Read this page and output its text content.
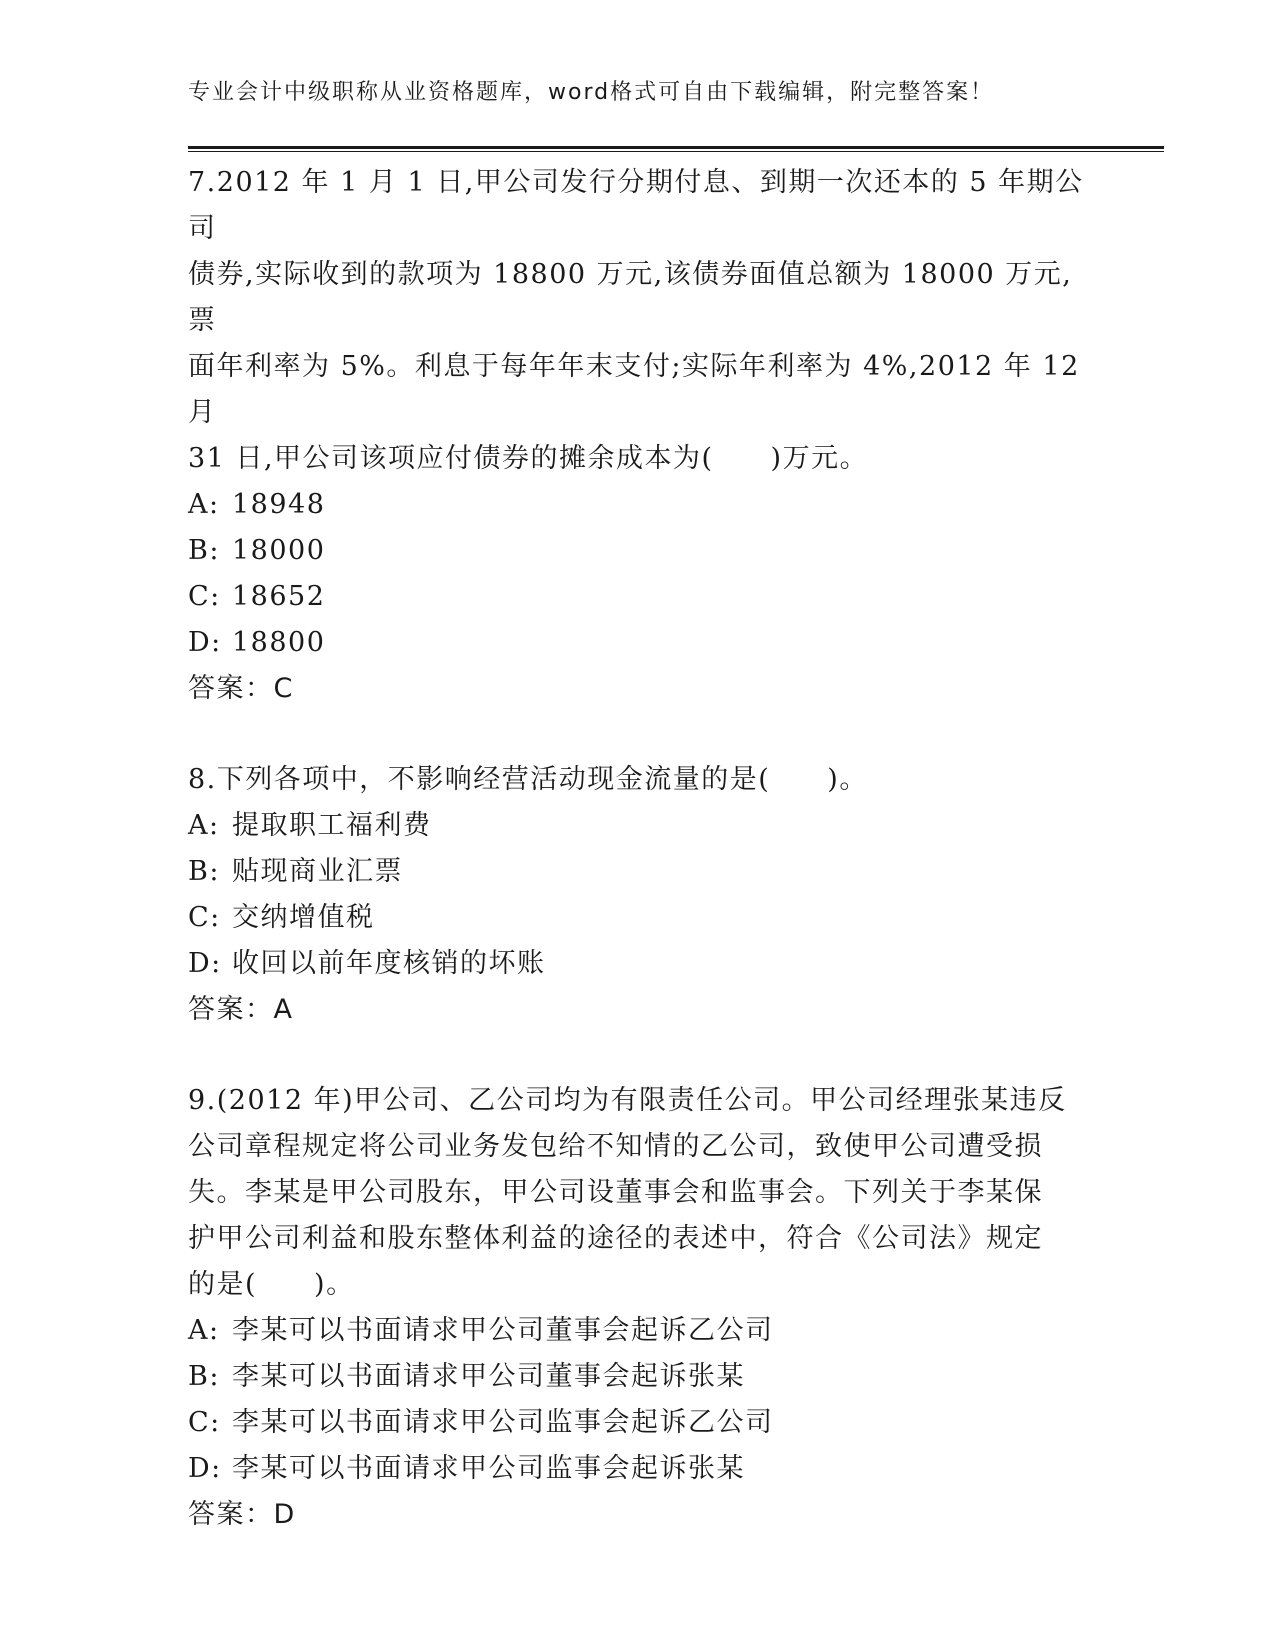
专业会计中级职称从业资格题库，word格式可自由下载编辑，附完整答案！
7.2012 年 1 月 1 日,甲公司发行分期付息、到期一次还本的 5 年期公司
债券,实际收到的款项为 18800 万元,该债券面值总额为 18000 万元,票
面年利率为 5%。利息于每年年末支付;实际年利率为 4%,2012 年 12 月
31 日,甲公司该项应付债券的摊余成本为(　　)万元。
A: 18948
B: 18000
C: 18652
D: 18800
答案：C
8.下列各项中，不影响经营活动现金流量的是(　　)。
A: 提取职工福利费
B: 贴现商业汇票
C: 交纳增值税
D: 收回以前年度核销的坏账
答案：A
9.(2012 年)甲公司、乙公司均为有限责任公司。甲公司经理张某违反
公司章程规定将公司业务发包给不知情的乙公司，致使甲公司遭受损
失。李某是甲公司股东，甲公司设董事会和监事会。下列关于李某保
护甲公司利益和股东整体利益的途径的表述中，符合《公司法》规定
的是(　　)。
A: 李某可以书面请求甲公司董事会起诉乙公司
B: 李某可以书面请求甲公司董事会起诉张某
C: 李某可以书面请求甲公司监事会起诉乙公司
D: 李某可以书面请求甲公司监事会起诉张某
答案：D
